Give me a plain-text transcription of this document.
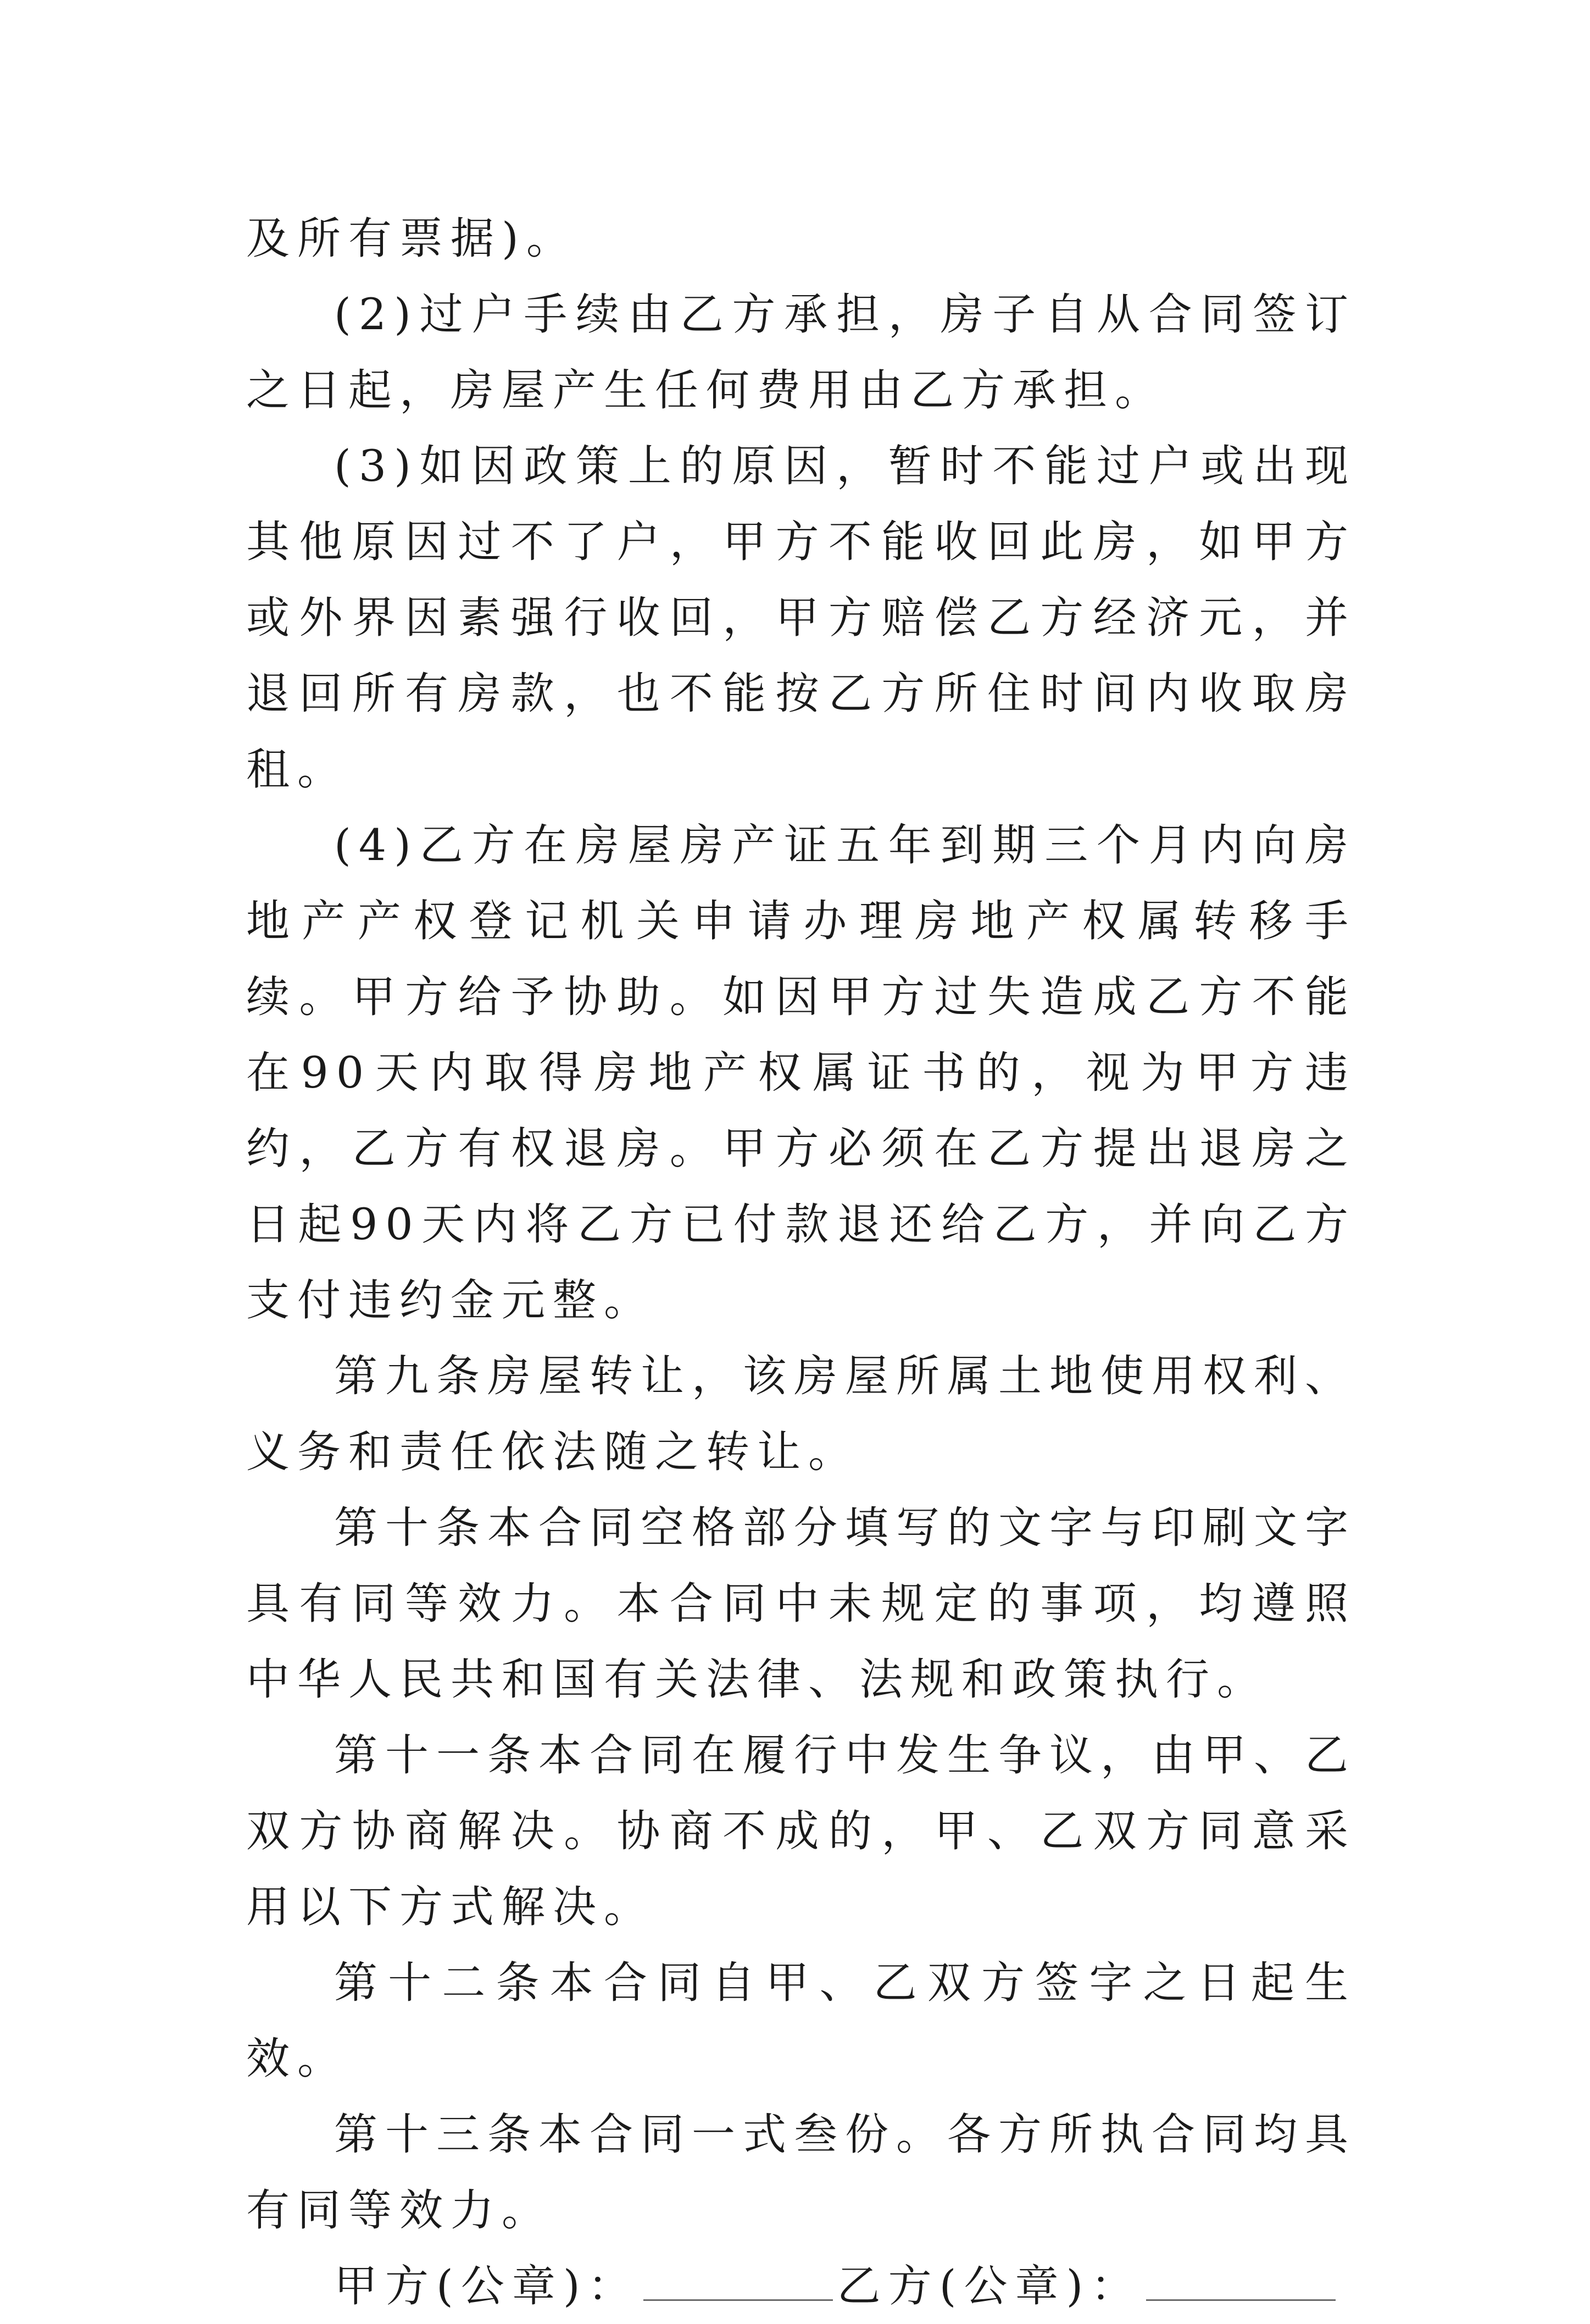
及所有票据)。

(2)过户手续由乙方承担，房子自从合同签订之日起，房屋产生任何费用由乙方承担。

(3)如因政策上的原因，暂时不能过户或出现其他原因过不了户，甲方不能收回此房，如甲方或外界因素强行收回，甲方赔偿乙方经济元，并退回所有房款，也不能按乙方所住时间内收取房租。

(4)乙方在房屋房产证五年到期三个月内向房地产产权登记机关申请办理房地产权属转移手续。甲方给予协助。如因甲方过失造成乙方不能在90天内取得房地产权属证书的，视为甲方违约，乙方有权退房。甲方必须在乙方提出退房之日起90天内将乙方已付款退还给乙方，并向乙方支付违约金元整。

第九条房屋转让，该房屋所属土地使用权利、义务和责任依法随之转让。

第十条本合同空格部分填写的文字与印刷文字具有同等效力。本合同中未规定的事项，均遵照中华人民共和国有关法律、法规和政策执行。

第十一条本合同在履行中发生争议，由甲、乙双方协商解决。协商不成的，甲、乙双方同意采用以下方式解决。

第十二条本合同自甲、乙双方签字之日起生效。

第十三条本合同一式叁份。各方所执合同均具有同等效力。

甲方(公章)：	乙方(公章)：
